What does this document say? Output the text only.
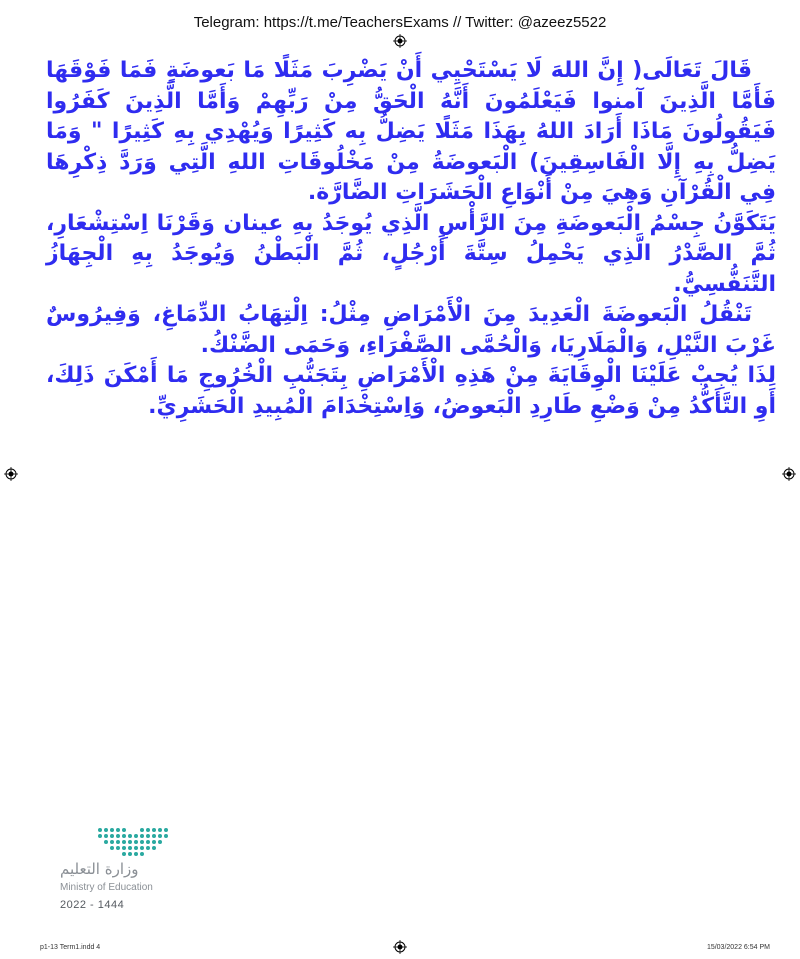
Telegram: https://t.me/TeachersExams // Twitter: @azeez5522

قَالَ تَعَالَى( إِنَّ اللهَ لَا يَسْتَحْيِي أَنْ يَضْرِبَ مَثَلًا مَا بَعوضَةٍ فَمَا فَوْقَهَا فَأَمَّا الَّذِينَ آمنوا فَيَعْلَمُونَ أَنَّهُ الْحَقُّ مِنْ رَبِّهِمْ وَأَمَّا الَّذِينَ كَفَرُوا فَيَقُولُونَ مَاذَا أَرَادَ اللهُ بِهَذَا مَثَلًا يَضِلُّ بِه كَثِيرًا وَيُهْدِي بِهِ كَثِيرًا " وَمَا يَضِلُّ بِهِ إِلَّا الْفَاسِقِينَ) الْبَعوضَةُ مِنْ مَخْلُوقَاتِ اللهِ الَّتِي وَرَدَّ ذِكْرِهَا فِي الْقُرْآنِ وَهِيَ مِنْ أَنْوَاعِ الْحَشَرَاتِ الضَّارَّة.

يَتَكَوَّنُ جِسْمُ الْبَعوضَةِ مِنَ الرَّأْسِ الَّذِي يُوجَدُ بِهِ عينان وَقَرْنَا اِسْتِشْعَارِ، ثُمَّ الصَّدْرُ الَّذِي يَحْمِلُ سِتَّةَ أَرْجُلٍ، ثُمَّ الْبَطْنُ وَيُوجَدُ بِهِ الْجِهَازُ التَّنَفُّسِيُّ.

تَنْقُلُ الْبَعوضَةَ الْعَدِيدَ مِنَ الْأَمْرَاضِ مِثْلُ: اِلْتِهَابُ الدِّمَاغِ، وَفِيرُوسٌ غَرْبَ النَّيْلِ، وَالْمَلَارِيَا، وَالْحُمَّى الصَّفْرَاءِ، وَحَمَى الضَّنْكُ.

لِذَا يُجِبْ عَلَيْنَا الْوِقَايَةَ مِنْ هَذِهِ الْأَمْرَاضِ بِتَجَنُّبِ الْخُرُوجِ مَا أَمْكَنَ ذَلِكَ، أَوِ التَّأَكُّدُ مِنْ وَضْعِ طَارِدِ الْبَعوضُ، وَاِسْتِخْدَامَ الْمُبِيدِ الْحَشَرِيِّ.

وزارة التعليم
Ministry of Education
2022 - 1444
p1-13 Term1.indd 4	15/03/2022 6:54 PM
